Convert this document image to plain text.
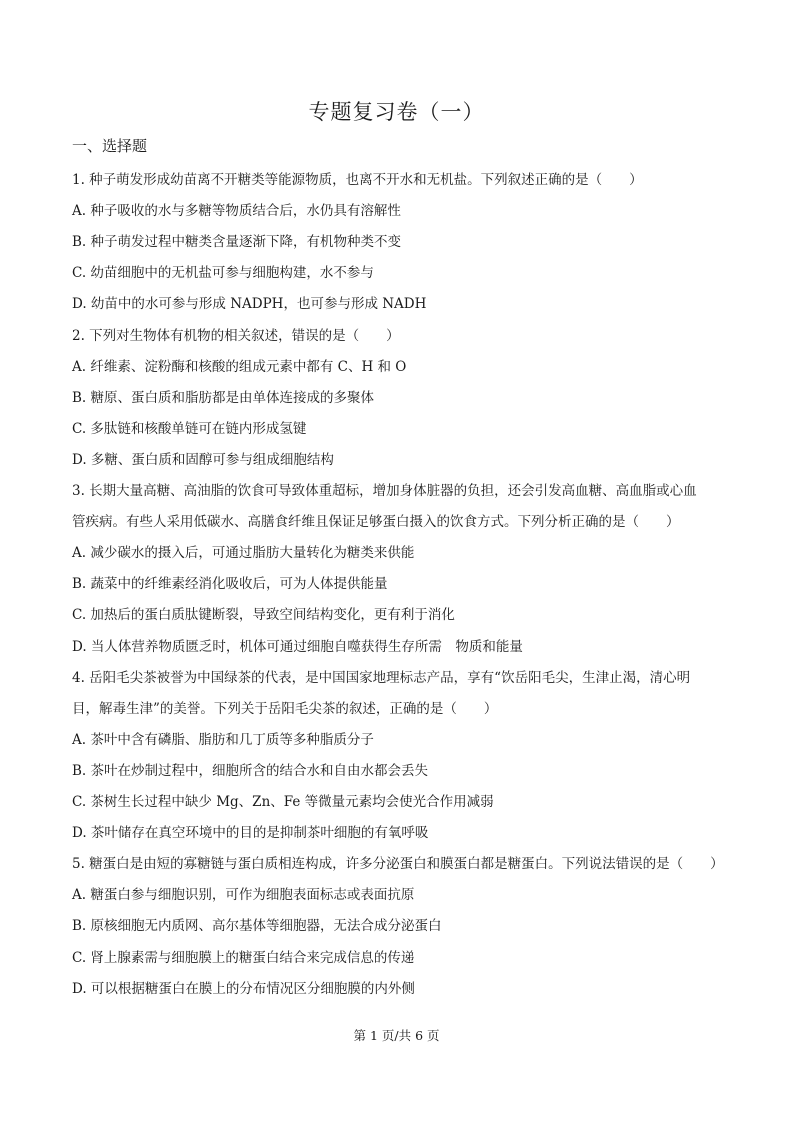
专题复习卷（一）
一、选择题
1. 种子萌发形成幼苗离不开糖类等能源物质，也离不开水和无机盐。下列叙述正确的是（　　）
A. 种子吸收的水与多糖等物质结合后，水仍具有溶解性
B. 种子萌发过程中糖类含量逐渐下降，有机物种类不变
C. 幼苗细胞中的无机盐可参与细胞构建，水不参与
D. 幼苗中的水可参与形成 NADPH，也可参与形成 NADH
2. 下列对生物体有机物的相关叙述，错误的是（　　）
A. 纤维素、淀粉酶和核酸的组成元素中都有 C、H 和 O
B. 糖原、蛋白质和脂肪都是由单体连接成的多聚体
C. 多肽链和核酸单链可在链内形成氢键
D. 多糖、蛋白质和固醇可参与组成细胞结构
3. 长期大量高糖、高油脂的饮食可导致体重超标，增加身体脏器的负担，还会引发高血糖、高血脂或心血
管疾病。有些人采用低碳水、高膳食纤维且保证足够蛋白摄入的饮食方式。下列分析正确的是（　　）
A. 减少碳水的摄入后，可通过脂肪大量转化为糖类来供能
B. 蔬菜中的纤维素经消化吸收后，可为人体提供能量
C. 加热后的蛋白质肽键断裂，导致空间结构变化，更有利于消化
D. 当人体营养物质匮乏时，机体可通过细胞自噬获得生存所需　物质和能量
4. 岳阳毛尖茶被誉为中国绿茶的代表，是中国国家地理标志产品，享有“饮岳阳毛尖，生津止渴，清心明
目，解毒生津”的美誉。下列关于岳阳毛尖茶的叙述，正确的是（　　）
A. 茶叶中含有磷脂、脂肪和几丁质等多种脂质分子
B. 茶叶在炒制过程中，细胞所含的结合水和自由水都会丢失
C. 茶树生长过程中缺少 Mg、Zn、Fe 等微量元素均会使光合作用减弱
D. 茶叶储存在真空环境中的目的是抑制茶叶细胞的有氧呼吸
5. 糖蛋白是由短的寡糖链与蛋白质相连构成，许多分泌蛋白和膜蛋白都是糖蛋白。下列说法错误的是（　　）
A. 糖蛋白参与细胞识别，可作为细胞表面标志或表面抗原
B. 原核细胞无内质网、高尔基体等细胞器，无法合成分泌蛋白
C. 肾上腺素需与细胞膜上的糖蛋白结合来完成信息的传递
D. 可以根据糖蛋白在膜上的分布情况区分细胞膜的内外侧
第 1 页/共 6 页
